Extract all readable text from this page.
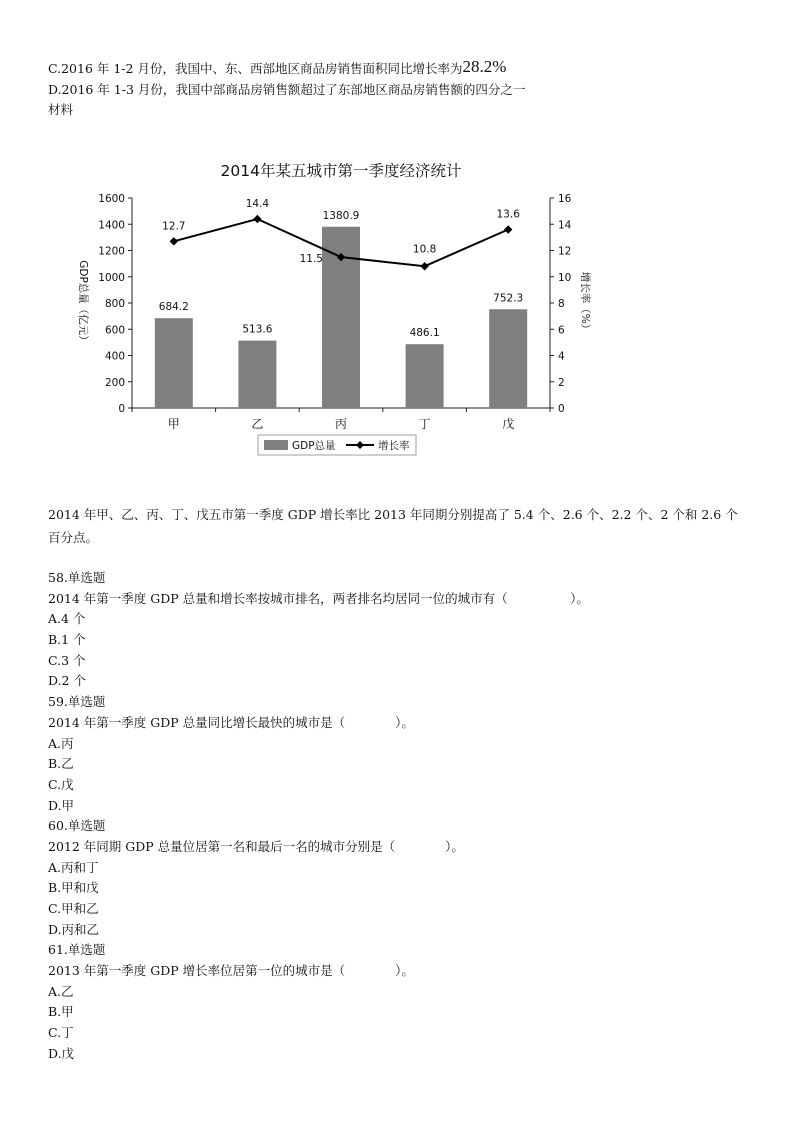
C.2016 年 1-2 月份，我国中、东、西部地区商品房销售面积同比增长率为28.2%
D.2016 年 1-3 月份，我国中部商品房销售额超过了东部地区商品房销售额的四分之一
材料
2014年某五城市第一季度经济统计
0
200
400
600
800
1000
1200
1400
1600
0
2
4
6
8
10
12
14
16
甲	乙	丙	丁	戊
GDP总量（亿元）	增长率（%）
684.2
513.6
1380.9
486.1
752.3
12.7
14.4
11.5
10.8
13.6
GDP总量	增长率
2014 年甲、乙、丙、丁、戊五市第一季度 GDP 增长率比 2013 年同期分别提高了 5.4 个、2.6 个、2.2 个、2 个和 2.6 个百分点。
58.单选题
2014 年第一季度 GDP 总量和增长率按城市排名，两者排名均居同一位的城市有（　　　　　）。
A.4 个
B.1 个
C.3 个
D.2 个
59.单选题
2014 年第一季度 GDP 总量同比增长最快的城市是（　　　　）。
A.丙
B.乙
C.戊
D.甲
60.单选题
2012 年同期 GDP 总量位居第一名和最后一名的城市分别是（　　　　）。
A.丙和丁
B.甲和戊
C.甲和乙
D.丙和乙
61.单选题
2013 年第一季度 GDP 增长率位居第一位的城市是（　　　　）。
A.乙
B.甲
C.丁
D.戊
